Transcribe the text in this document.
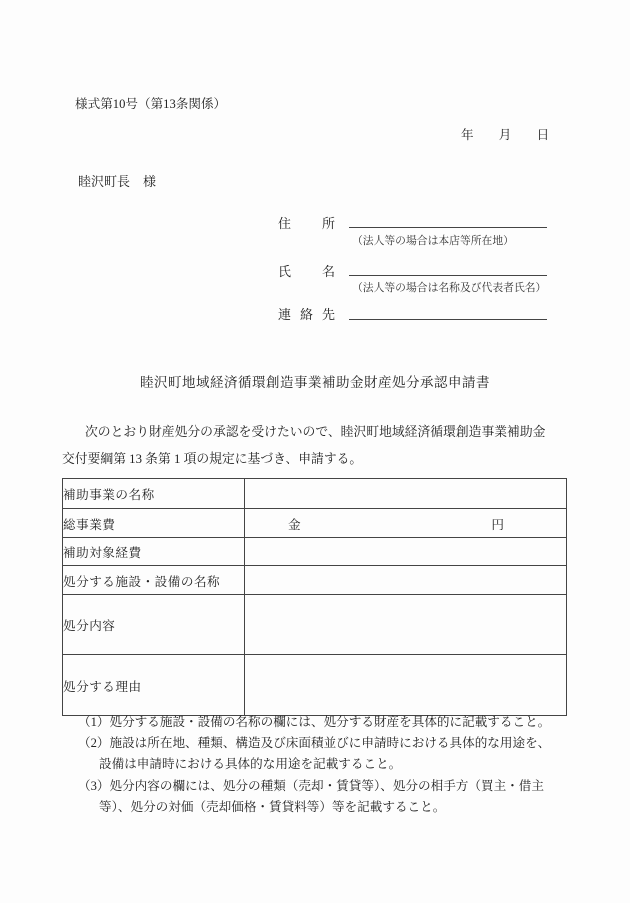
様式第10号（第13条関係）
年　　月　　日
睦沢町長　様
住所
（法人等の場合は本店等所在地）
氏名
（法人等の場合は名称及び代表者氏名）
連絡先
睦沢町地域経済循環創造事業補助金財産処分承認申請書
次のとおり財産処分の承認を受けたいので、睦沢町地域経済循環創造事業補助金
交付要綱第 13 条第 1 項の規定に基づき、申請する。
補助事業の名称	
総事業費	金 円

補助対象経費	
処分する施設・設備の名称	
処分内容	
処分する理由	
（1）処分する施設・設備の名称の欄には、処分する財産を具体的に記載すること。
（2）施設は所在地、種類、構造及び床面積並びに申請時における具体的な用途を、
設備は申請時における具体的な用途を記載すること。
（3）処分内容の欄には、処分の種類（売却・賃貸等）、処分の相手方（買主・借主
等）、処分の対価（売却価格・賃貸料等）等を記載すること。
